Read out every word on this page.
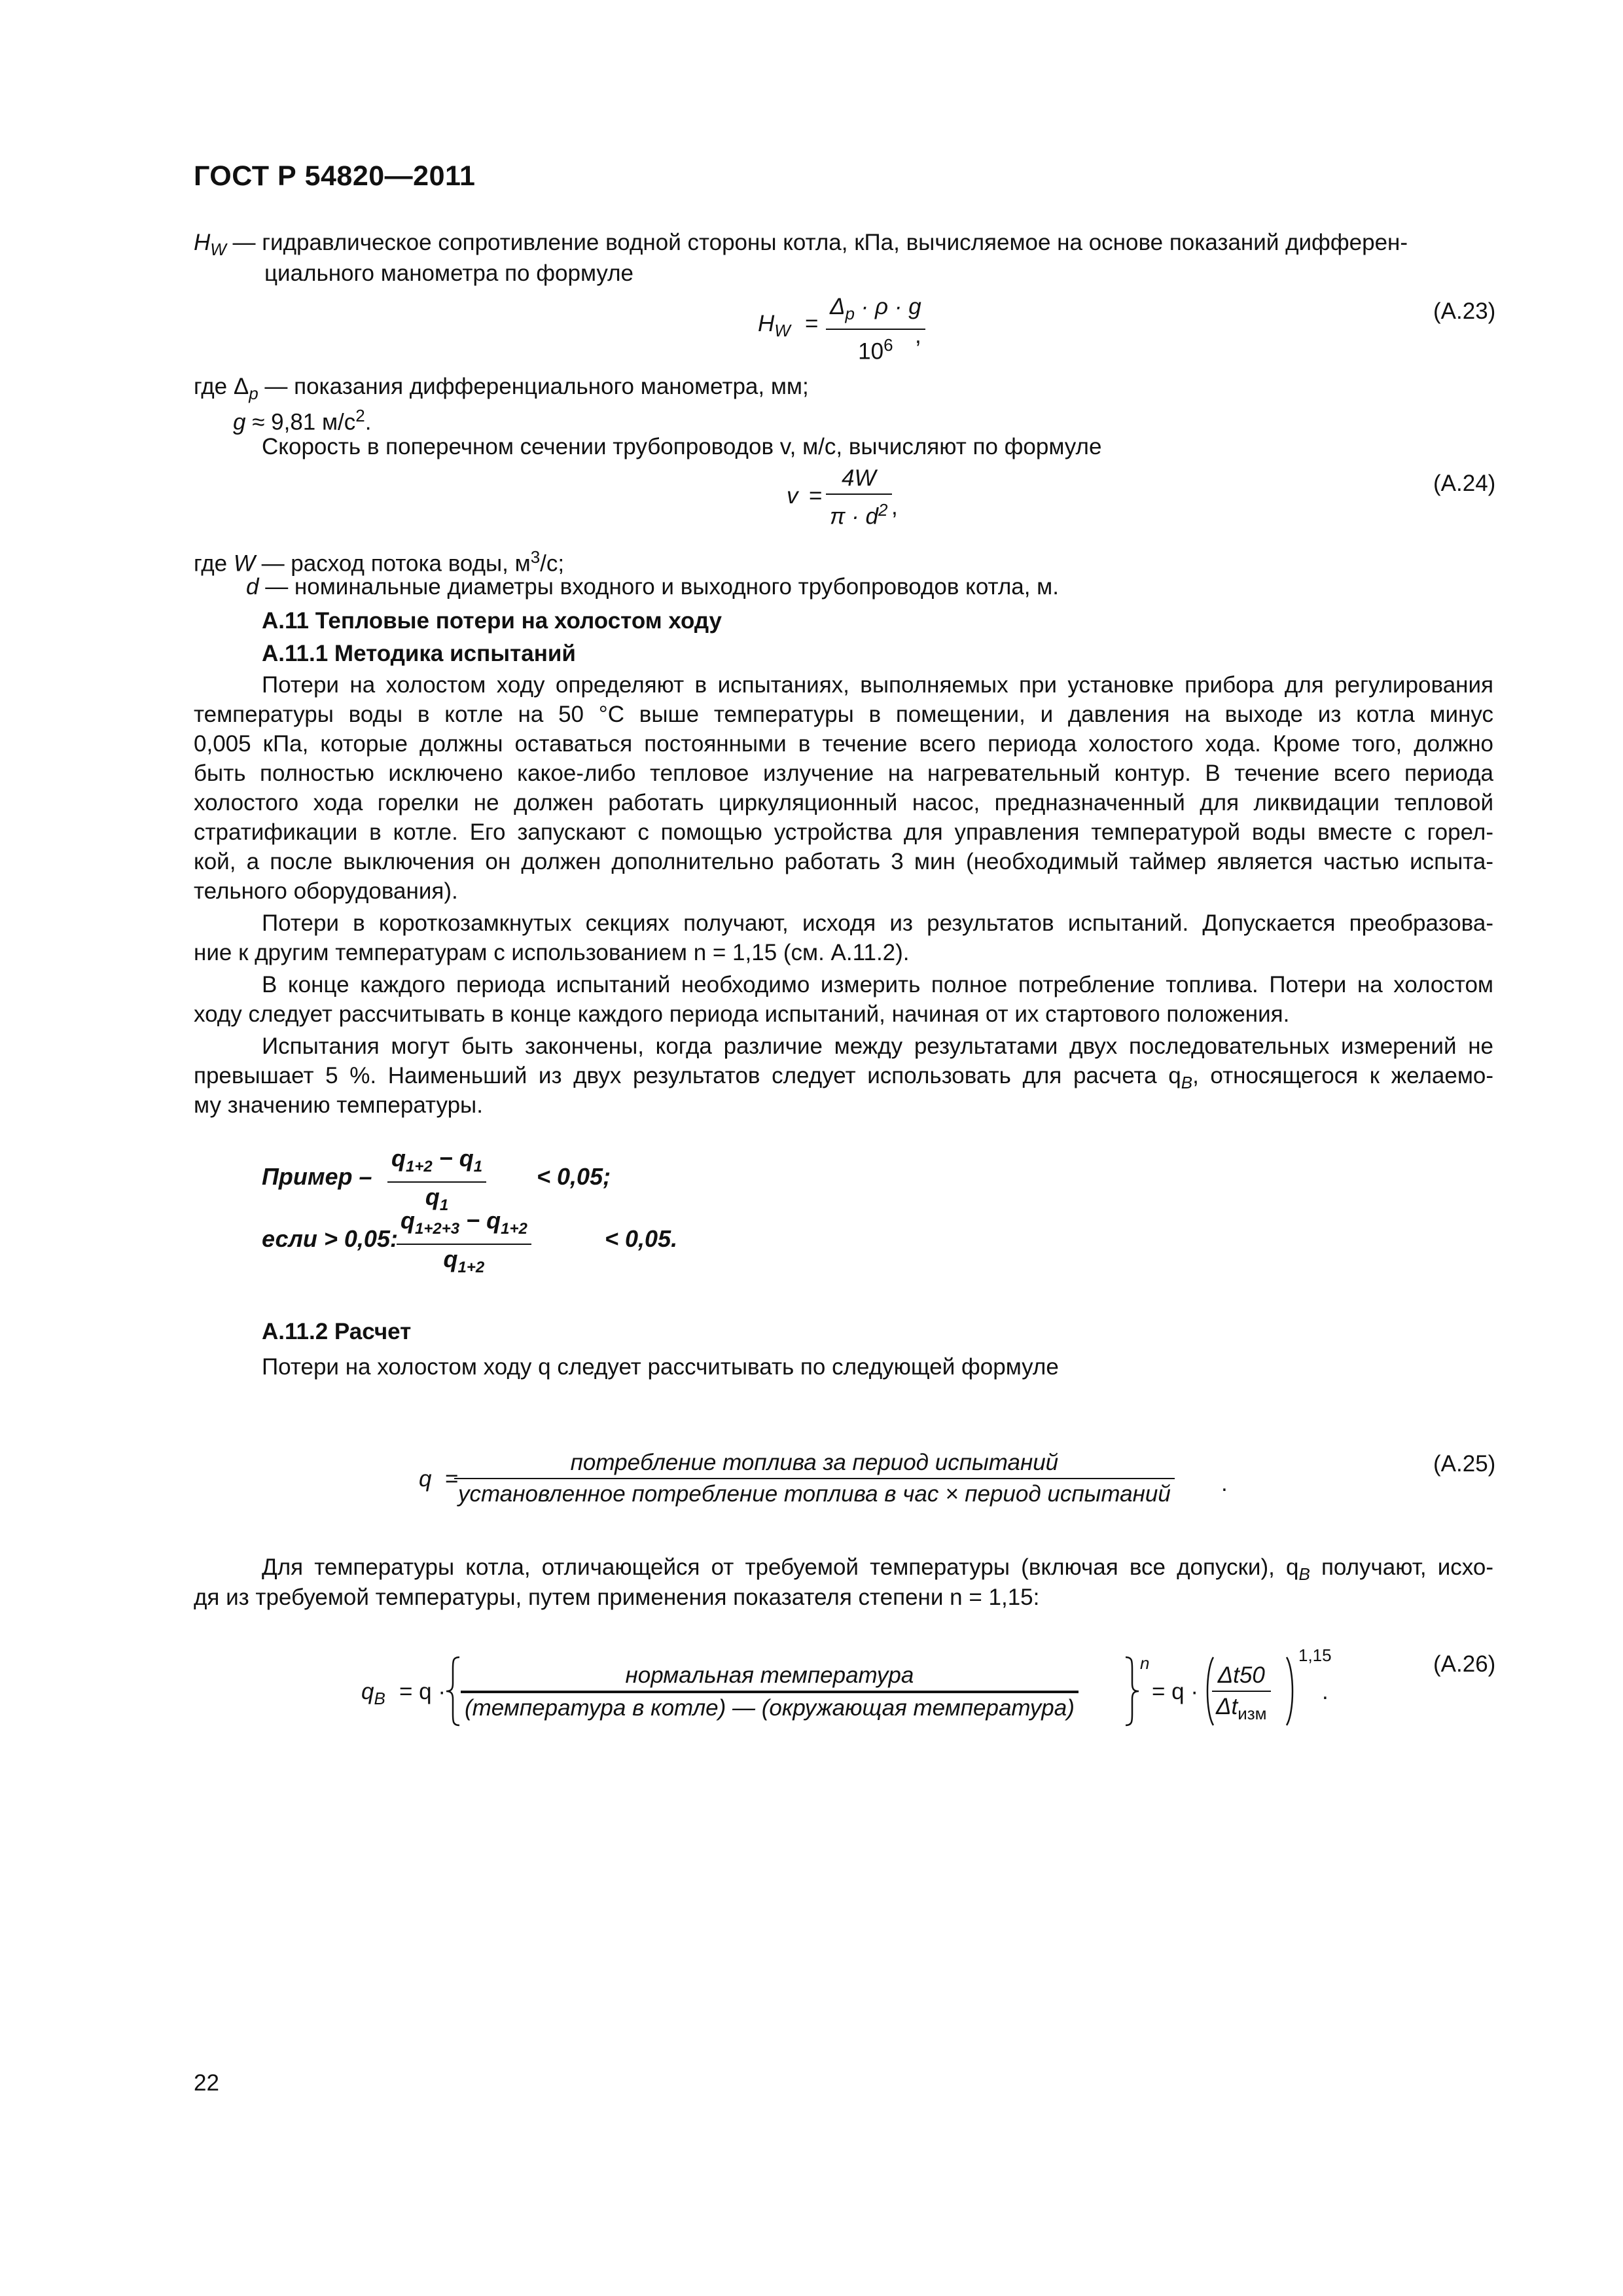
ГОСТ Р 54820—2011
$H_W$ — гидравлическое сопротивление водной стороны котла, кПа, вычисляемое на основе показаний дифферен-
циального манометра по формуле
$H_W = \frac{\Delta_p \cdot \rho \cdot g}{10^6}$
,
(А.23)
где $\Delta_p$ — показания дифференциального манометра, мм;
g ≈ 9,81 $м/с^2$.
Скорость в поперечном сечении трубопроводов v, м/с, вычисляют по формуле
$v = \frac{4W}{\pi \cdot d^2}$ ,
(А.24)
где W — расход потока воды, $м^3/с$;
d — номинальные диаметры входного и выходного трубопроводов котла, м.
А.11 Тепловые потери на холостом ходу
А.11.1 Методика испытаний
Потери на холостом ходу определяют в испытаниях, выполняемых при установке прибора для регулирования
температуры воды в котле на 50 °С выше температуры в помещении, и давления на выходе из котла минус
0,005 кПа, которые должны оставаться постоянными в течение всего периода холостого хода. Кроме того, должно
быть полностью исключено какое-либо тепловое излучение на нагревательный контур. В течение всего периода
холостого хода горелки не должен работать циркуляционный насос, предназначенный для ликвидации тепловой
стратификации в котле. Его запускают с помощью устройства для управления температурой воды вместе с горел-
кой, а после выключения он должен дополнительно работать 3 мин (необходимый таймер является частью испыта-
тельного оборудования).
Потери в короткозамкнутых секциях получают, исходя из результатов испытаний. Допускается преобразова-
ние к другим температурам с использованием n = 1,15 (см. А.11.2).
В конце каждого периода испытаний необходимо измерить полное потребление топлива. Потери на холостом
ходу следует рассчитывать в конце каждого периода испытаний, начиная от их стартового положения.
Испытания могут быть закончены, когда различие между результатами двух последовательных измерений не
превышает 5 %. Наименьший из двух результатов следует использовать для расчета $q_B$, относящегося к желаемо-
му значению температуры.
Пример – $\frac{q_{1+2} - q_1}{q_1} < 0,05$;
если > 0,05:
$\frac{q_{1+2+3} - q_{1+2}}{q_{1+2}}$	< 0,05.
А.11.2 Расчет
Потери на холостом ходу q следует рассчитывать по следующей формуле
q =
потребление топлива за период испытаний
установленное потребление топлива в час × период испытаний .
(А.25)
Для температуры котла, отличающейся от требуемой температуры (включая все допуски), $q_B$ получают, исхо-
дя из требуемой температуры, путем применения показателя степени n = 1,15:
$q_B = q$ ·
нормальная температура
(температура в котле) — (окружающая температура)
n
= q ·
Δt50
$\Delta t_{изм}$
1,15
.
(А.26)
22
